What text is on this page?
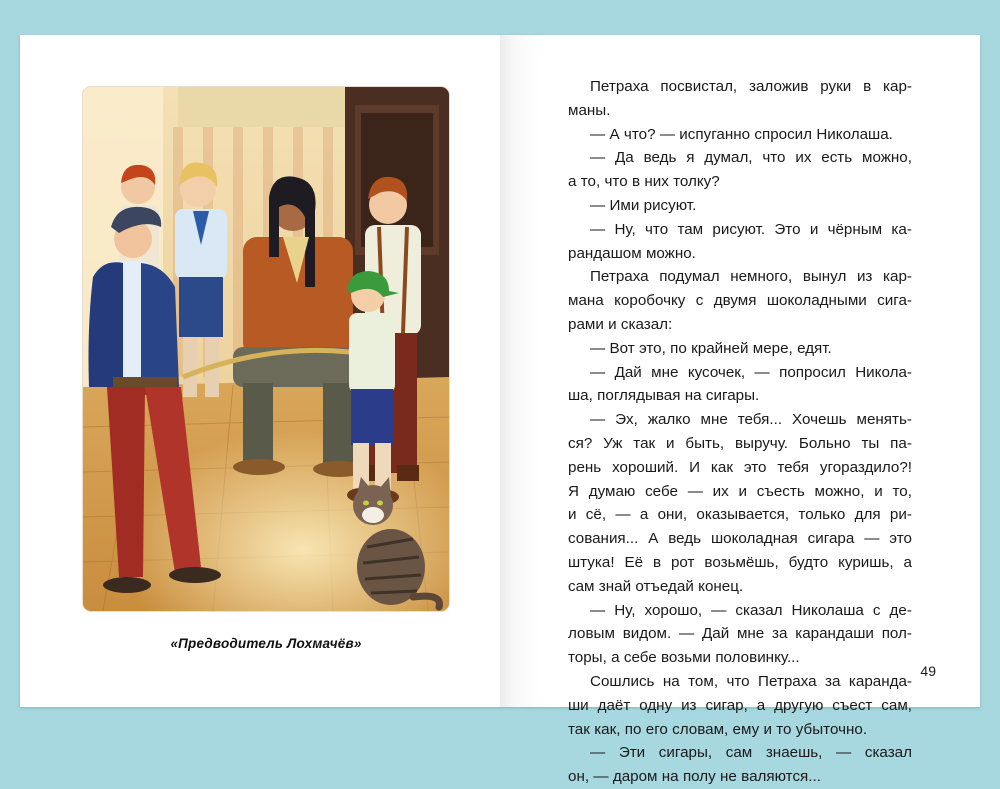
«Предводитель Лохмачёв»
Петраха посвистал, заложив руки в кар-
маны.
— А что? — испуганно спросил Николаша.
— Да ведь я думал, что их есть можно,
а то, что в них толку?
— Ими рисуют.
— Ну, что там рисуют. Это и чёрным ка-
рандашом можно.
Петраха подумал немного, вынул из кар-
мана коробочку с двумя шоколадными сига-
рами и сказал:
— Вот это, по крайней мере, едят.
— Дай мне кусочек, — попросил Никола-
ша, поглядывая на сигары.
— Эх, жалко мне тебя... Хочешь менять-
ся? Уж так и быть, выручу. Больно ты па-
рень хороший. И как это тебя угораздило?!
Я думаю себе — их и съесть можно, и то,
и сё, — а они, оказывается, только для ри-
сования... А ведь шоколадная сигара — это
штука! Её в рот возьмёшь, будто куришь, а
сам знай отъедай конец.
— Ну, хорошо, — сказал Николаша с де-
ловым видом. — Дай мне за карандаши пол-
торы, а себе возьми половинку...
Сошлись на том, что Петраха за каранда-
ши даёт одну из сигар, а другую съест сам,
так как, по его словам, ему и то убыточно.
— Эти сигары, сам знаешь, — сказал
он, — даром на полу не валяются...
49
